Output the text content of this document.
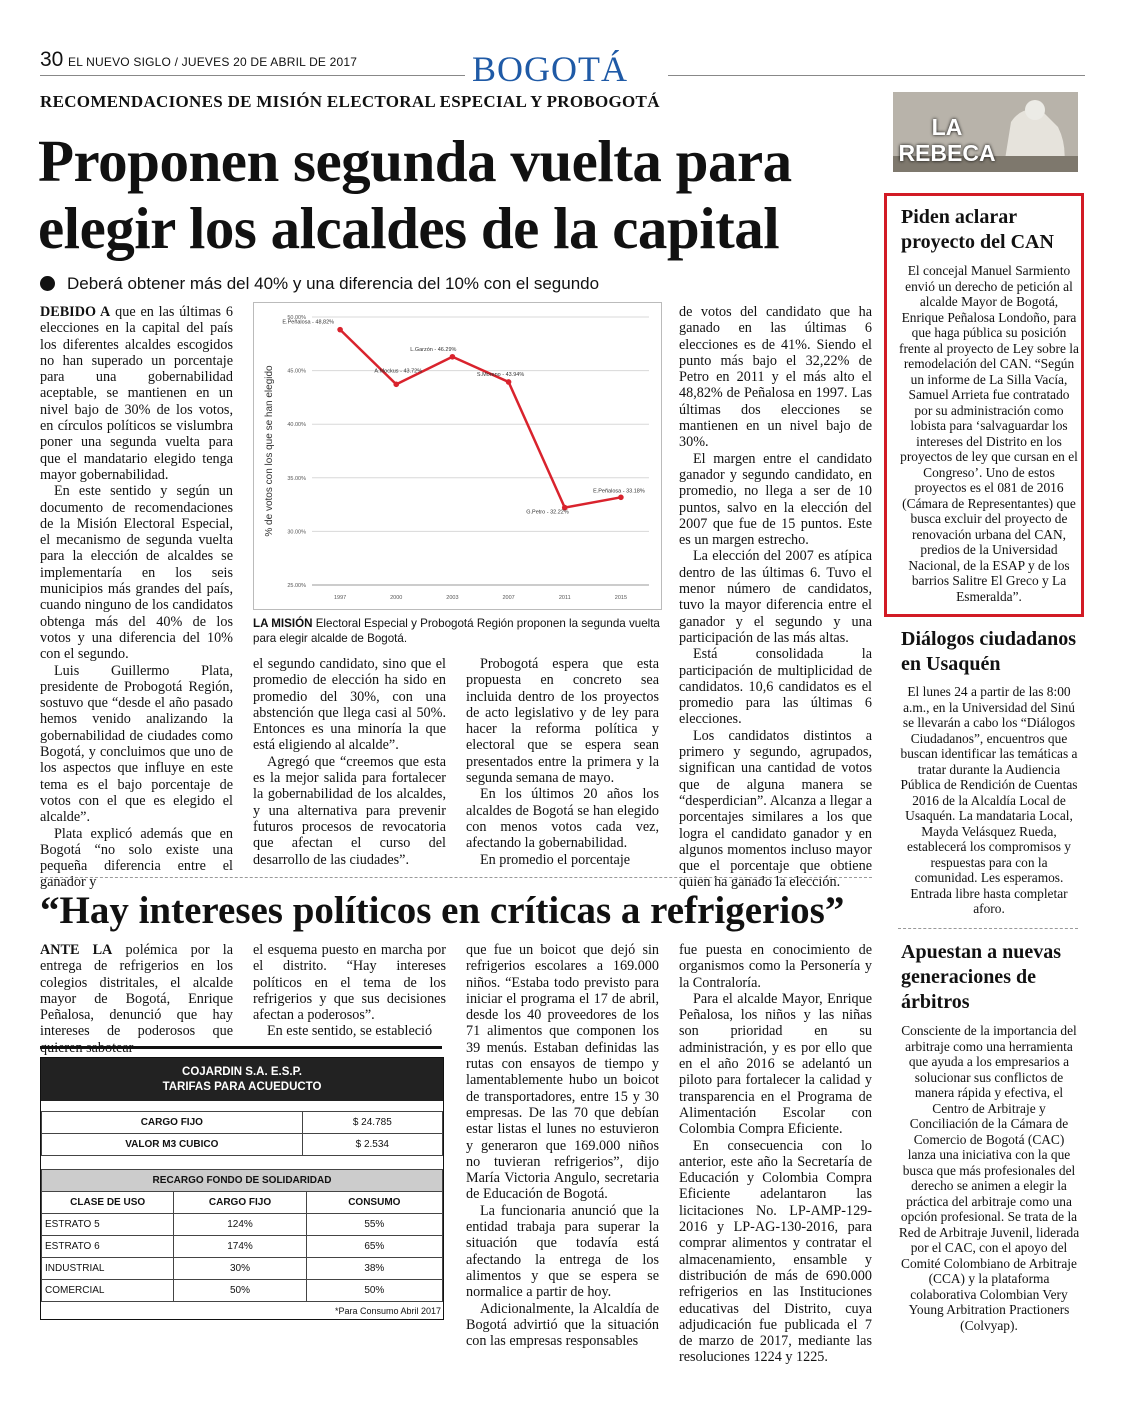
30 EL NUEVO SIGLO / JUEVES 20 DE ABRIL DE 2017	BOGOTÁ
RECOMENDACIONES DE MISIÓN ELECTORAL ESPECIAL Y PROBOGOTÁ
Proponen segunda vuelta para elegir los alcaldes de la capital
Deberá obtener más del 40% y una diferencia del 10% con el segundo

DEBIDO A que en las últimas 6 elecciones en la capital del país los diferentes alcaldes escogidos no han superado un porcentaje para una gobernabilidad aceptable, se mantienen en un nivel bajo de 30% de los votos, en círculos políticos se vislumbra poner una segunda vuelta para que el mandatario elegido tenga mayor gobernabilidad.

En este sentido y según un documento de recomendaciones de la Misión Electoral Especial, el mecanismo de segunda vuelta para la elección de alcaldes se implementaría en los seis municipios más grandes del país, cuando ninguno de los candidatos obtenga más del 40% de los votos y una diferencia del 10% con el segundo.

Luis Guillermo Plata, presidente de Probogotá Región, sostuvo que “desde el año pasado hemos venido analizando la gobernabilidad de ciudades como Bogotá, y concluimos que uno de los aspectos que influye en este tema es el bajo porcentaje de votos con el que es elegido el alcalde”.

Plata explicó además que en Bogotá “no solo existe una pequeña diferencia entre el ganador y

50.00%
45.00%
40.00%
35.00%
30.00%
25.00%
1997	2000	2003	2007	2011	2015
% de votos con los que se han elegido
E.Peñalosa - 48,82%
A.Mockus - 43.72%
L.Garzón - 46.29%
S.Moreno - 43.94%
G.Petro - 32.22%
E.Peñalosa - 33.18%
LA MISIÓN Electoral Especial y Probogotá Región proponen la segunda vuelta para elegir alcalde de Bogotá.

el segundo candidato, sino que el promedio de elección ha sido en promedio del 30%, con una abstención que llega casi al 50%. Entonces es una minoría la que está eligiendo al alcalde”.

Agregó que “creemos que esta es la mejor salida para fortalecer la gobernabilidad de los alcaldes, y una alternativa para prevenir futuros procesos de revocatoria que afectan el curso del desarrollo de las ciudades”.

Probogotá espera que esta propuesta en concreto sea incluida dentro de los proyectos de acto legislativo y de ley para hacer la reforma política y electoral que se espera sean presentados entre la primera y la segunda semana de mayo.

En los últimos 20 años los alcaldes de Bogotá se han elegido con menos votos cada vez, afectando la gobernabilidad.

En promedio el porcentaje

de votos del candidato que ha ganado en las últimas 6 elecciones es de 41%. Siendo el punto más bajo el 32,22% de Petro en 2011 y el más alto el 48,82% de Peñalosa en 1997. Las últimas dos elecciones se mantienen en un nivel bajo de 30%.

El margen entre el candidato ganador y segundo candidato, en promedio, no llega a ser de 10 puntos, salvo en la elección del 2007 que fue de 15 puntos. Este es un margen estrecho.

La elección del 2007 es atípica dentro de las últimas 6. Tuvo el menor número de candidatos, tuvo la mayor diferencia entre el ganador y el segundo y una participación de las más altas.

Está consolidada la participación de multiplicidad de candidatos. 10,6 candidatos es el promedio para las últimas 6 elecciones.

Los candidatos distintos a primero y segundo, agrupados, significan una cantidad de votos que de alguna manera se “desperdician”. Alcanza a llegar a porcentajes similares a los que logra el candidato ganador y en algunos momentos incluso mayor que el porcentaje que obtiene quien ha ganado la elección.

“Hay intereses políticos en críticas a refrigerios”

ANTE LA polémica por la entrega de refrigerios en los colegios distritales, el alcalde mayor de Bogotá, Enrique Peñalosa, denunció que hay intereses de poderosos que quieren sabotear

el esquema puesto en marcha por el distrito. “Hay intereses políticos en el tema de los refrigerios y que sus decisiones afectan a poderosos”.

En este sentido, se estableció

que fue un boicot que dejó sin refrigerios escolares a 169.000 niños. “Estaba todo previsto para iniciar el programa el 17 de abril, desde los 40 proveedores de los 71 alimentos que componen los 39 menús. Estaban definidas las rutas con ensayos de tiempo y lamentablemente hubo un boicot de transportadores, entre 15 y 30 empresas. De las 70 que debían estar listas el lunes no estuvieron y generaron que 169.000 niños no tuvieran refrigerios”, dijo María Victoria Angulo, secretaria de Educación de Bogotá.

La funcionaria anunció que la entidad trabaja para superar la situación que todavía está afectando la entrega de los alimentos y que se espera se normalice a partir de hoy.

Adicionalmente, la Alcaldía de Bogotá advirtió que la situación con las empresas responsables

fue puesta en conocimiento de organismos como la Personería y la Contraloría.

Para el alcalde Mayor, Enrique Peñalosa, los niños y las niñas son prioridad en su administración, y es por ello que en el año 2016 se adelantó un piloto para fortalecer la calidad y transparencia en el Programa de Alimentación Escolar con Colombia Compra Eficiente.

En consecuencia con lo anterior, este año la Secretaría de Educación y Colombia Compra Eficiente adelantaron las licitaciones No. LP-AMP-129-2016 y LP-AG-130-2016, para comprar alimentos y contratar el almacenamiento, ensamble y distribución de más de 690.000 refrigerios en las Instituciones educativas del Distrito, cuya adjudicación fue publicada el 7 de marzo de 2017, mediante las resoluciones 1224 y 1225.

COJARDIN S.A. E.S.P.
TARIFAS PARA ACUEDUCTO
CARGO FIJO	$ 24.785
VALOR M3 CUBICO	$ 2.534
RECARGO FONDO DE SOLIDARIDAD		
CLASE DE USO	CARGO FIJO	CONSUMO
ESTRATO 5	124%	55%
ESTRATO 6	174%	65%
INDUSTRIAL	30%	38%
COMERCIAL	50%	50%
*Para Consumo Abril 2017
LA
REBECA
Piden aclarar proyecto del CAN
El concejal Manuel Sarmiento envió un derecho de petición al alcalde Mayor de Bogotá, Enrique Peñalosa Londoño, para que haga pública su posición frente al proyecto de Ley sobre la remodelación del CAN. “Según un informe de La Silla Vacía, Samuel Arrieta fue contratado por su administración como lobista para ‘salvaguardar los intereses del Distrito en los proyectos de ley que cursan en el Congreso’. Uno de estos proyectos es el 081 de 2016 (Cámara de Representantes) que busca excluir del proyecto de renovación urbana del CAN, predios de la Universidad Nacional, de la ESAP y de los barrios Salitre El Greco y La Esmeralda”.
Diálogos ciudadanos en Usaquén
El lunes 24 a partir de las 8:00 a.m., en la Universidad del Sinú se llevarán a cabo los “Diálogos Ciudadanos”, encuentros que buscan identificar las temáticas a tratar durante la Audiencia Pública de Rendición de Cuentas 2016 de la Alcaldía Local de Usaquén. La mandataria Local, Mayda Velásquez Rueda, establecerá los compromisos y respuestas para con la comunidad. Les esperamos. Entrada libre hasta completar aforo.
Apuestan a nuevas generaciones de árbitros
Consciente de la importancia del arbitraje como una herramienta que ayuda a los empresarios a solucionar sus conflictos de manera rápida y efectiva, el Centro de Arbitraje y Conciliación de la Cámara de Comercio de Bogotá (CAC) lanza una iniciativa con la que busca que más profesionales del derecho se animen a elegir la práctica del arbitraje como una opción profesional. Se trata de la Red de Arbitraje Juvenil, liderada por el CAC, con el apoyo del Comité Colombiano de Arbitraje (CCA) y la plataforma colaborativa Colombian Very Young Arbitration Practioners (Colvyap).
